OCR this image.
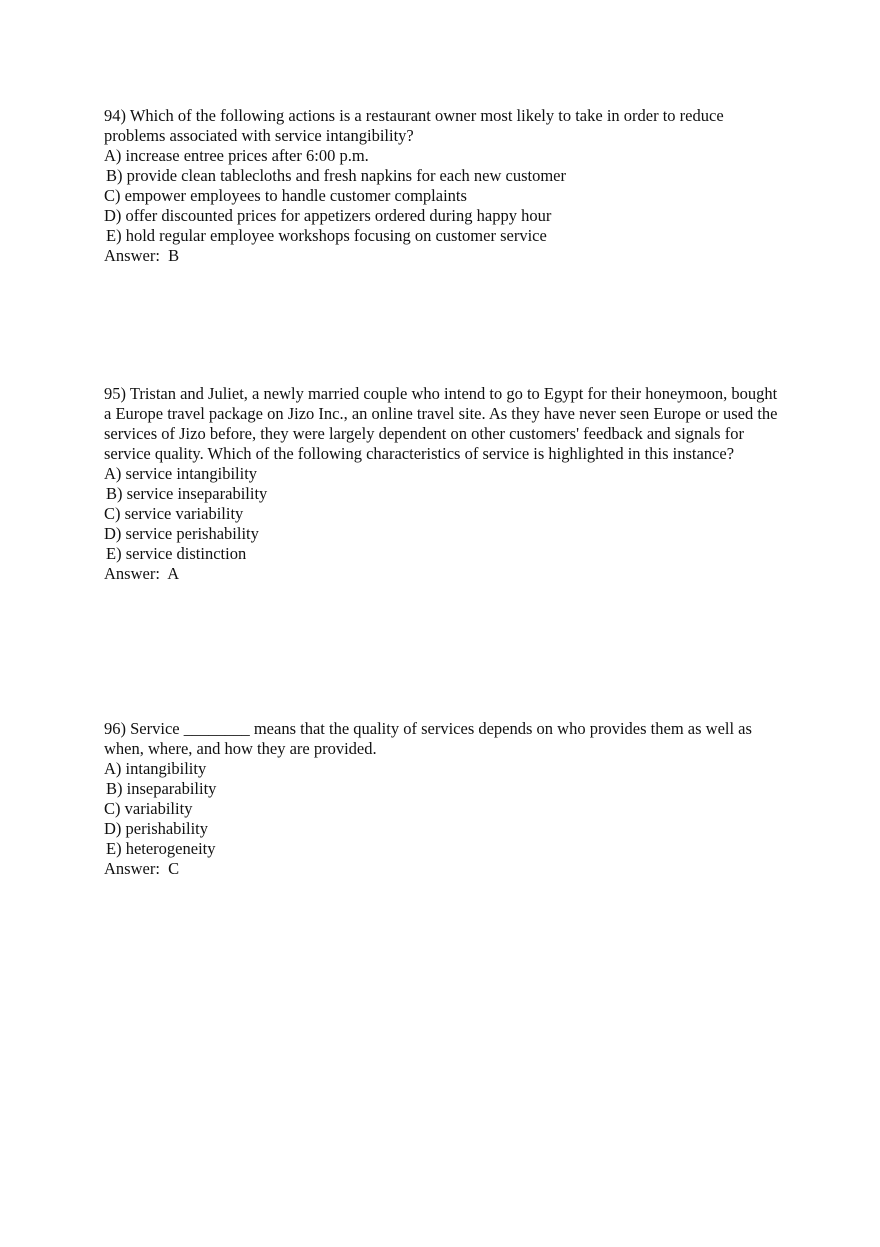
94) Which of the following actions is a restaurant owner most likely to take in order to reduce problems associated with service intangibility?

A) increase entree prices after 6:00 p.m.
B) provide clean tablecloths and fresh napkins for each new customer
C) empower employees to handle customer complaints
D) offer discounted prices for appetizers ordered during happy hour
E) hold regular employee workshops focusing on customer service

Answer:  B

95) Tristan and Juliet, a newly married couple who intend to go to Egypt for their honeymoon, bought a Europe travel package on Jizo Inc., an online travel site. As they have never seen Europe or used the services of Jizo before, they were largely dependent on other customers' feedback and signals for service quality. Which of the following characteristics of service is highlighted in this instance?

A) service intangibility
B) service inseparability
C) service variability
D) service perishability
E) service distinction

Answer:  A

96) Service ________ means that the quality of services depends on who provides them as well as when, where, and how they are provided.

A) intangibility
B) inseparability
C) variability
D) perishability
E) heterogeneity

Answer:  C
